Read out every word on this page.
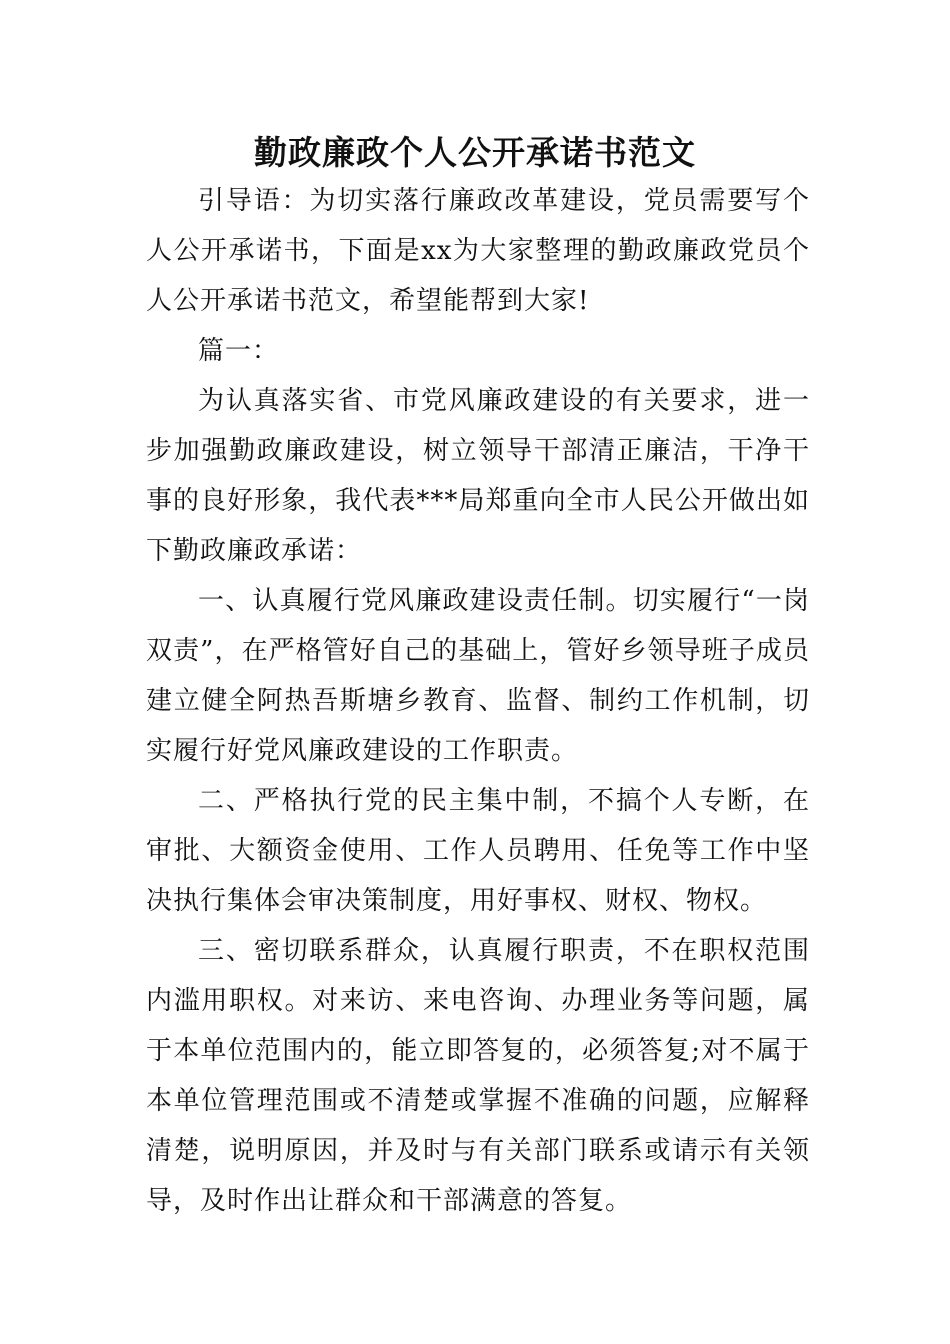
勤政廉政个人公开承诺书范文

引导语：为切实落行廉政改革建设，党员需要写个人公开承诺书，下面是xx为大家整理的勤政廉政党员个人公开承诺书范文，希望能帮到大家!

篇一：

为认真落实省、市党风廉政建设的有关要求，进一步加强勤政廉政建设，树立领导干部清正廉洁，干净干事的良好形象，我代表***局郑重向全市人民公开做出如下勤政廉政承诺：

一、认真履行党风廉政建设责任制。切实履行“一岗双责”，在严格管好自己的基础上，管好乡领导班子成员建立健全阿热吾斯塘乡教育、监督、制约工作机制，切实履行好党风廉政建设的工作职责。

二、严格执行党的民主集中制，不搞个人专断，在审批、大额资金使用、工作人员聘用、任免等工作中坚决执行集体会审决策制度，用好事权、财权、物权。

三、密切联系群众，认真履行职责，不在职权范围内滥用职权。对来访、来电咨询、办理业务等问题，属于本单位范围内的，能立即答复的，必须答复;对不属于本单位管理范围或不清楚或掌握不准确的问题，应解释清楚，说明原因，并及时与有关部门联系或请示有关领导，及时作出让群众和干部满意的答复。
